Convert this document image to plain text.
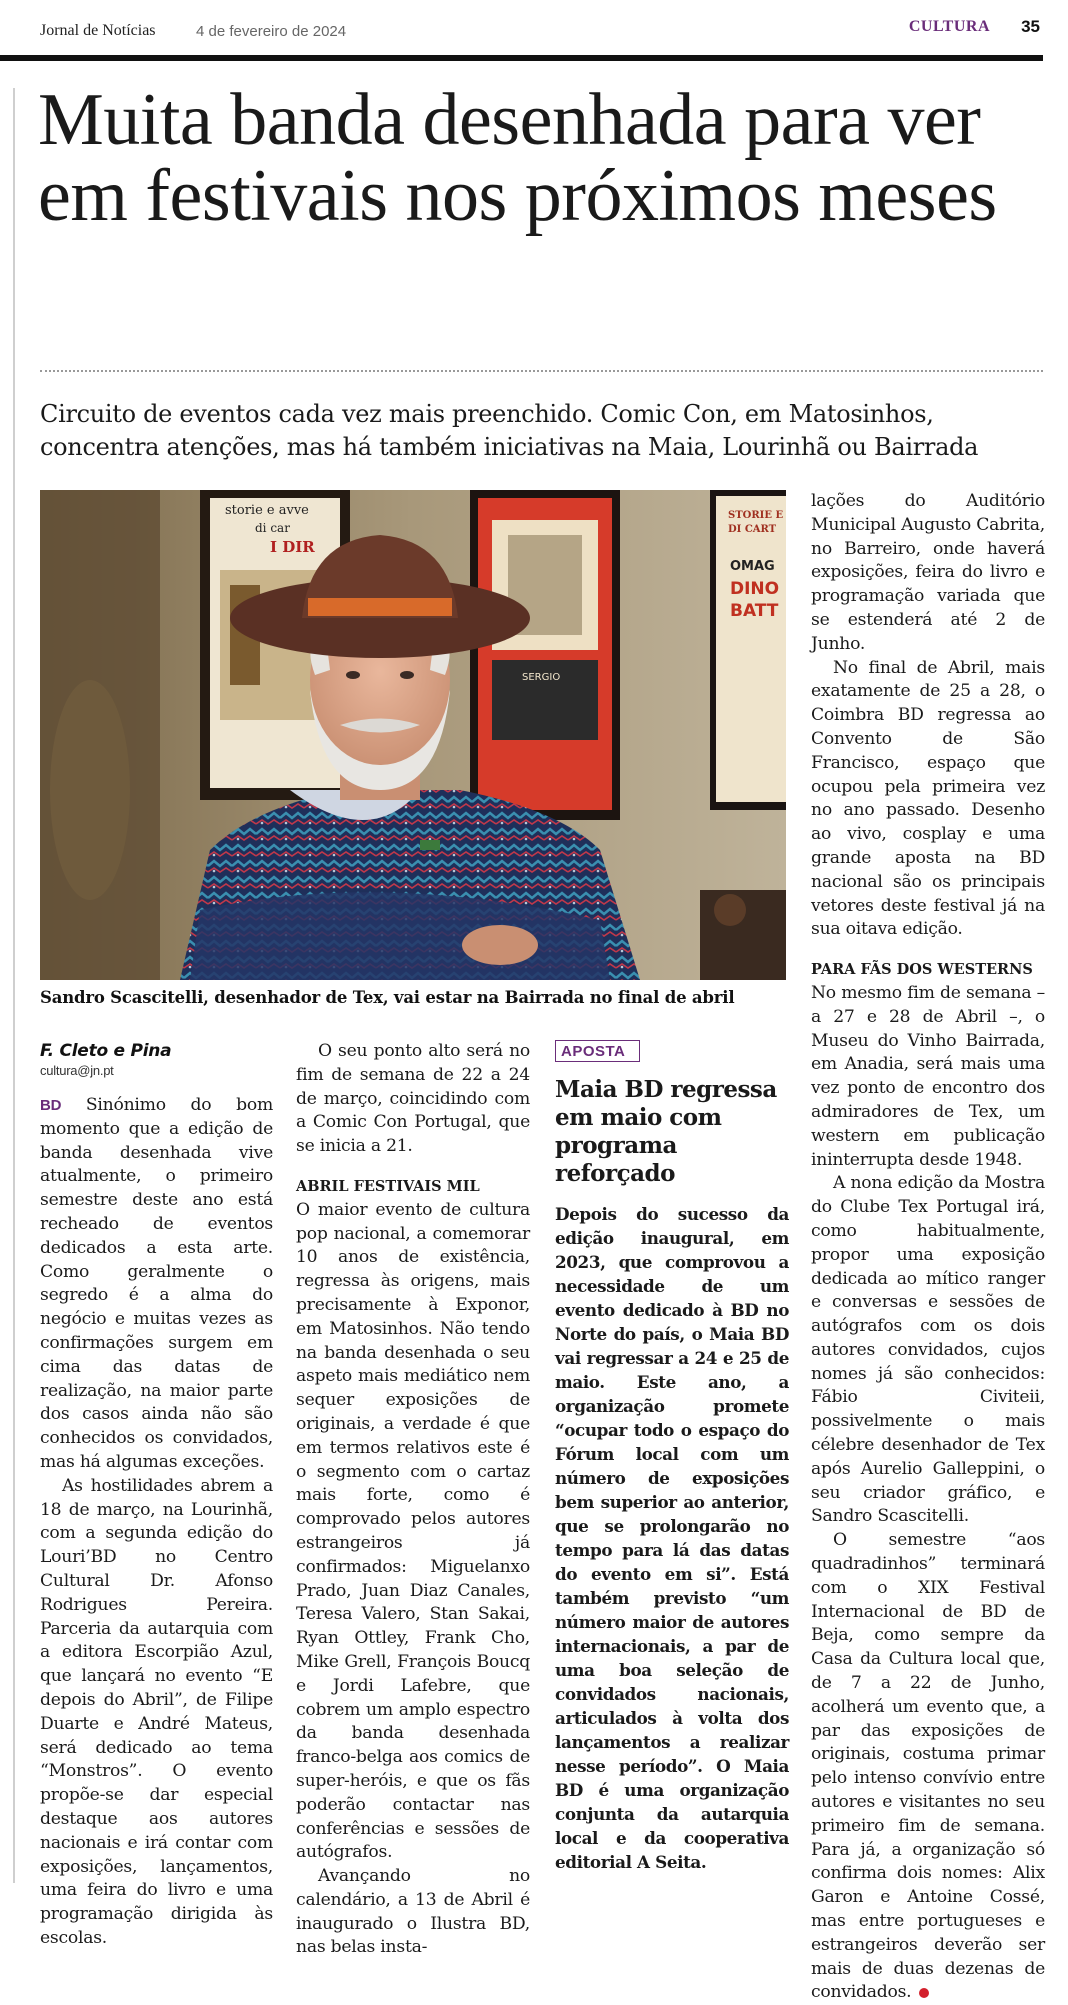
Jornal de Notícias	4 de fevereiro de 2024	CULTURA 35
Muita banda desenhada para ver em festivais nos próximos meses
Circuito de eventos cada vez mais preenchido. Comic Con, em Matosinhos, concentra atenções, mas há também iniciativas na Maia, Lourinhã ou Bairrada
storie e avve
di car
I DIR
SERGIO
STORIE E
DI CART
OMAG
DINO
BATT
Sandro Scascitelli, desenhador de Tex, vai estar na Bairrada no final de abril
F. Cleto e Pina
cultura@jn.pt

BD Sinónimo do bom momento que a edição de banda desenhada vive atualmente, o primeiro semestre deste ano está recheado de eventos dedicados a esta arte. Como geralmente o segredo é a alma do negócio e muitas vezes as confirmações surgem em cima das datas de realização, na maior parte dos casos ainda não são conhecidos os convidados, mas há algumas exceções.

As hostilidades abrem a 18 de março, na Lourinhã, com a segunda edição do Louri’BD no Centro Cultural Dr. Afonso Rodrigues Pereira. Parceria da autarquia com a editora Escorpião Azul, que lançará no evento “E depois do Abril”, de Filipe Duarte e André Mateus, será dedicado ao tema “Monstros”. O evento propõe-se dar especial destaque aos autores nacionais e irá contar com exposições, lançamentos, uma feira do livro e uma programação dirigida às escolas.

O seu ponto alto será no fim de semana de 22 a 24 de março, coincidindo com a Comic Con Portugal, que se inicia a 21.

ABRIL FESTIVAIS MIL

O maior evento de cultura pop nacional, a comemorar 10 anos de existência, regressa às origens, mais precisamente à Exponor, em Matosinhos. Não tendo na banda desenhada o seu aspeto mais mediático nem sequer exposições de originais, a verdade é que em termos relativos este é o segmento com o cartaz mais forte, como é comprovado pelos autores estrangeiros já confirmados: Miguelanxo Prado, Juan Diaz Canales, Teresa Valero, Stan Sakai, Ryan Ottley, Frank Cho, Mike Grell, François Boucq e Jordi Lafebre, que cobrem um amplo espectro da banda desenhada franco-belga aos comics de super-heróis, e que os fãs poderão contactar nas conferências e sessões de autógrafos.

Avançando no calendário, a 13 de Abril é inaugurado o Ilustra BD, nas belas insta-

APOSTA
Maia BD regressa em maio com programa reforçado

Depois do sucesso da edição inaugural, em 2023, que comprovou a necessidade de um evento dedicado à BD no Norte do país, o Maia BD vai regressar a 24 e 25 de maio. Este ano, a organização promete “ocupar todo o espaço do Fórum local com um número de exposições bem superior ao anterior, que se prolongarão no tempo para lá das datas do evento em si”. Está também previsto “um número maior de autores internacionais, a par de uma boa seleção de convidados nacionais, articulados à volta dos lançamentos a realizar nesse período”. O Maia BD é uma organização conjunta da autarquia local e da cooperativa editorial A Seita.

lações do Auditório Municipal Augusto Cabrita, no Barreiro, onde haverá exposições, feira do livro e programação variada que se estenderá até 2 de Junho.

No final de Abril, mais exatamente de 25 a 28, o Coimbra BD regressa ao Convento de São Francisco, espaço que ocupou pela primeira vez no ano passado. Desenho ao vivo, cosplay e uma grande aposta na BD nacional são os principais vetores deste festival já na sua oitava edição.

PARA FÃS DOS WESTERNS

No mesmo fim de semana – a 27 e 28 de Abril –, o Museu do Vinho Bairrada, em Anadia, será mais uma vez ponto de encontro dos admiradores de Tex, um western em publicação ininterrupta desde 1948.

A nona edição da Mostra do Clube Tex Portugal irá, como habitualmente, propor uma exposição dedicada ao mítico ranger e conversas e sessões de autógrafos com os dois autores convidados, cujos nomes já são conhecidos: Fábio Civiteii, possivelmente o mais célebre desenhador de Tex após Aurelio Galleppini, o seu criador gráfico, e Sandro Scascitelli.

O semestre “aos quadradinhos” terminará com o XIX Festival Internacional de BD de Beja, como sempre da Casa da Cultura local que, de 7 a 22 de Junho, acolherá um evento que, a par das exposições de originais, costuma primar pelo intenso convívio entre autores e visitantes no seu primeiro fim de semana. Para já, a organização só confirma dois nomes: Alix Garon e Antoine Cossé, mas entre portugueses e estrangeiros deverão ser mais de duas dezenas de convidados.
